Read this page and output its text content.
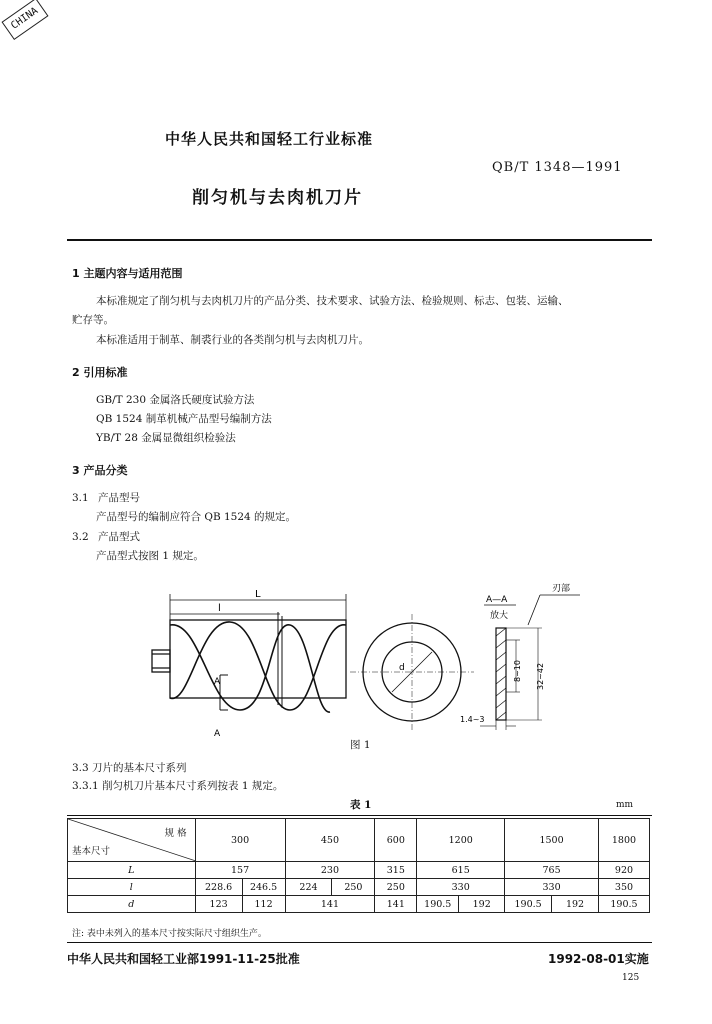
CHINA
中华人民共和国轻工行业标准
QB/T 1348—1991
削匀机与去肉机刀片
1 主题内容与适用范围
本标准规定了削匀机与去肉机刀片的产品分类、技术要求、试验方法、检验规则、标志、包装、运输、
贮存等。
本标准适用于制革、制裘行业的各类削匀机与去肉机刀片。
2 引用标准
GB/T 230 金属洛氏硬度试验方法
QB 1524 制革机械产品型号编制方法
YB/T 28 金属显微组织检验法
3 产品分类
3.1 产品型号
产品型号的编制应符合 QB 1524 的规定。
3.2 产品型式
产品型式按图 1 规定。
L
l
A
A
d
A—A
放大
刃部
8~10 32~42
1.4~3
图 1
3.3 刀片的基本尺寸系列
3.3.1 削匀机刀片基本尺寸系列按表 1 规定。
表 1	mm
规 格
基本尺寸	300		450		600	1200		1500		1800
L	157		230		315	615		765		920
l	228.6	246.5	224	250	250	330		330		350
d	123	112	141		141	190.5	192	190.5	192	190.5
注: 表中未列入的基本尺寸按实际尺寸组织生产。
中华人民共和国轻工业部1991-11-25批准	1992-08-01实施
125
